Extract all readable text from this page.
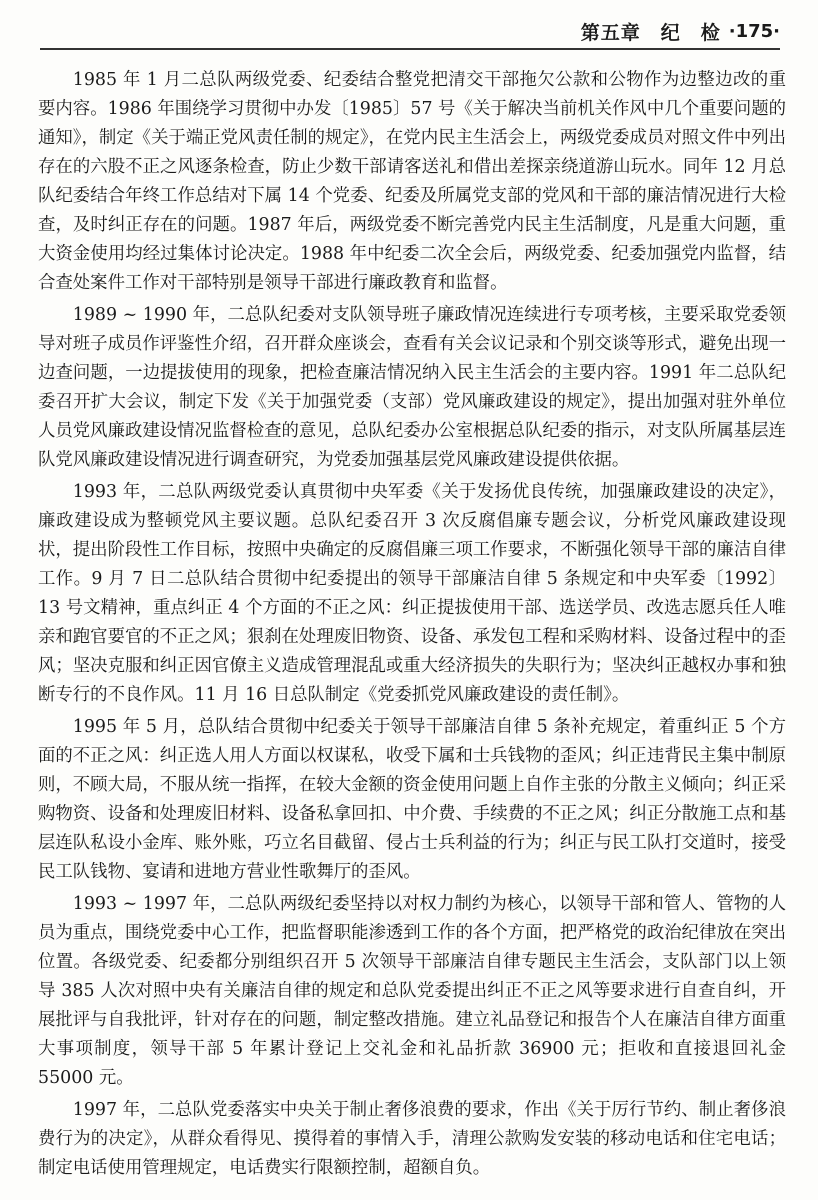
第五章　纪　检 ·175·

1985 年 1 月二总队两级党委、纪委结合整党把清交干部拖欠公款和公物作为边整边改的重要内容。1986 年围绕学习贯彻中办发〔1985〕57 号《关于解决当前机关作风中几个重要问题的通知》，制定《关于端正党风责任制的规定》，在党内民主生活会上，两级党委成员对照文件中列出存在的六股不正之风逐条检查，防止少数干部请客送礼和借出差探亲绕道游山玩水。同年 12 月总队纪委结合年终工作总结对下属 14 个党委、纪委及所属党支部的党风和干部的廉洁情况进行大检查，及时纠正存在的问题。1987 年后，两级党委不断完善党内民主生活制度，凡是重大问题，重大资金使用均经过集体讨论决定。1988 年中纪委二次全会后，两级党委、纪委加强党内监督，结合查处案件工作对干部特别是领导干部进行廉政教育和监督。

1989 ~ 1990 年，二总队纪委对支队领导班子廉政情况连续进行专项考核，主要采取党委领导对班子成员作评鉴性介绍，召开群众座谈会，查看有关会议记录和个别交谈等形式，避免出现一边查问题，一边提拔使用的现象，把检查廉洁情况纳入民主生活会的主要内容。1991 年二总队纪委召开扩大会议，制定下发《关于加强党委（支部）党风廉政建设的规定》，提出加强对驻外单位人员党风廉政建设情况监督检查的意见，总队纪委办公室根据总队纪委的指示，对支队所属基层连队党风廉政建设情况进行调查研究，为党委加强基层党风廉政建设提供依据。

1993 年，二总队两级党委认真贯彻中央军委《关于发扬优良传统，加强廉政建设的决定》，廉政建设成为整顿党风主要议题。总队纪委召开 3 次反腐倡廉专题会议，分析党风廉政建设现状，提出阶段性工作目标，按照中央确定的反腐倡廉三项工作要求，不断强化领导干部的廉洁自律工作。9 月 7 日二总队结合贯彻中纪委提出的领导干部廉洁自律 5 条规定和中央军委〔1992〕13 号文精神，重点纠正 4 个方面的不正之风：纠正提拔使用干部、选送学员、改选志愿兵任人唯亲和跑官要官的不正之风；狠刹在处理废旧物资、设备、承发包工程和采购材料、设备过程中的歪风；坚决克服和纠正因官僚主义造成管理混乱或重大经济损失的失职行为；坚决纠正越权办事和独断专行的不良作风。11 月 16 日总队制定《党委抓党风廉政建设的责任制》。

1995 年 5 月，总队结合贯彻中纪委关于领导干部廉洁自律 5 条补充规定，着重纠正 5 个方面的不正之风：纠正选人用人方面以权谋私，收受下属和士兵钱物的歪风；纠正违背民主集中制原则，不顾大局，不服从统一指挥，在较大金额的资金使用问题上自作主张的分散主义倾向；纠正采购物资、设备和处理废旧材料、设备私拿回扣、中介费、手续费的不正之风；纠正分散施工点和基层连队私设小金库、账外账，巧立名目截留、侵占士兵利益的行为；纠正与民工队打交道时，接受民工队钱物、宴请和进地方营业性歌舞厅的歪风。

1993 ~ 1997 年，二总队两级纪委坚持以对权力制约为核心，以领导干部和管人、管物的人员为重点，围绕党委中心工作，把监督职能渗透到工作的各个方面，把严格党的政治纪律放在突出位置。各级党委、纪委都分别组织召开 5 次领导干部廉洁自律专题民主生活会，支队部门以上领导 385 人次对照中央有关廉洁自律的规定和总队党委提出纠正不正之风等要求进行自查自纠，开展批评与自我批评，针对存在的问题，制定整改措施。建立礼品登记和报告个人在廉洁自律方面重大事项制度，领导干部 5 年累计登记上交礼金和礼品折款 36900 元；拒收和直接退回礼金 55000 元。

1997 年，二总队党委落实中央关于制止奢侈浪费的要求，作出《关于厉行节约、制止奢侈浪费行为的决定》，从群众看得见、摸得着的事情入手，清理公款购发安装的移动电话和住宅电话；制定电话使用管理规定，电话费实行限额控制，超额自负。
